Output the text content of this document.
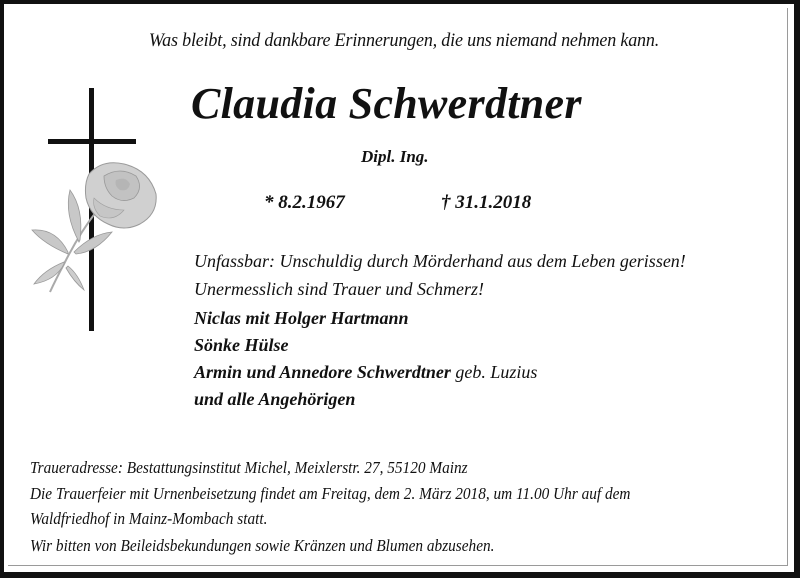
Was bleibt, sind dankbare Erinnerungen, die uns niemand nehmen kann.
Claudia Schwerdtner
Dipl. Ing.
* 8.2.1967	† 31.1.2018
Unfassbar: Unschuldig durch Mörderhand aus dem Leben gerissen!
Unermesslich sind Trauer und Schmerz!
Niclas mit Holger Hartmann
Sönke Hülse
Armin und Annedore Schwerdtner geb. Luzius
und alle Angehörigen
Traueradresse: Bestattungsinstitut Michel, Meixlerstr. 27, 55120 Mainz
Die Trauerfeier mit Urnenbeisetzung findet am Freitag, dem 2. März 2018, um 11.00 Uhr auf dem
Waldfriedhof in Mainz-Mombach statt.
Wir bitten von Beileidsbekundungen sowie Kränzen und Blumen abzusehen.
